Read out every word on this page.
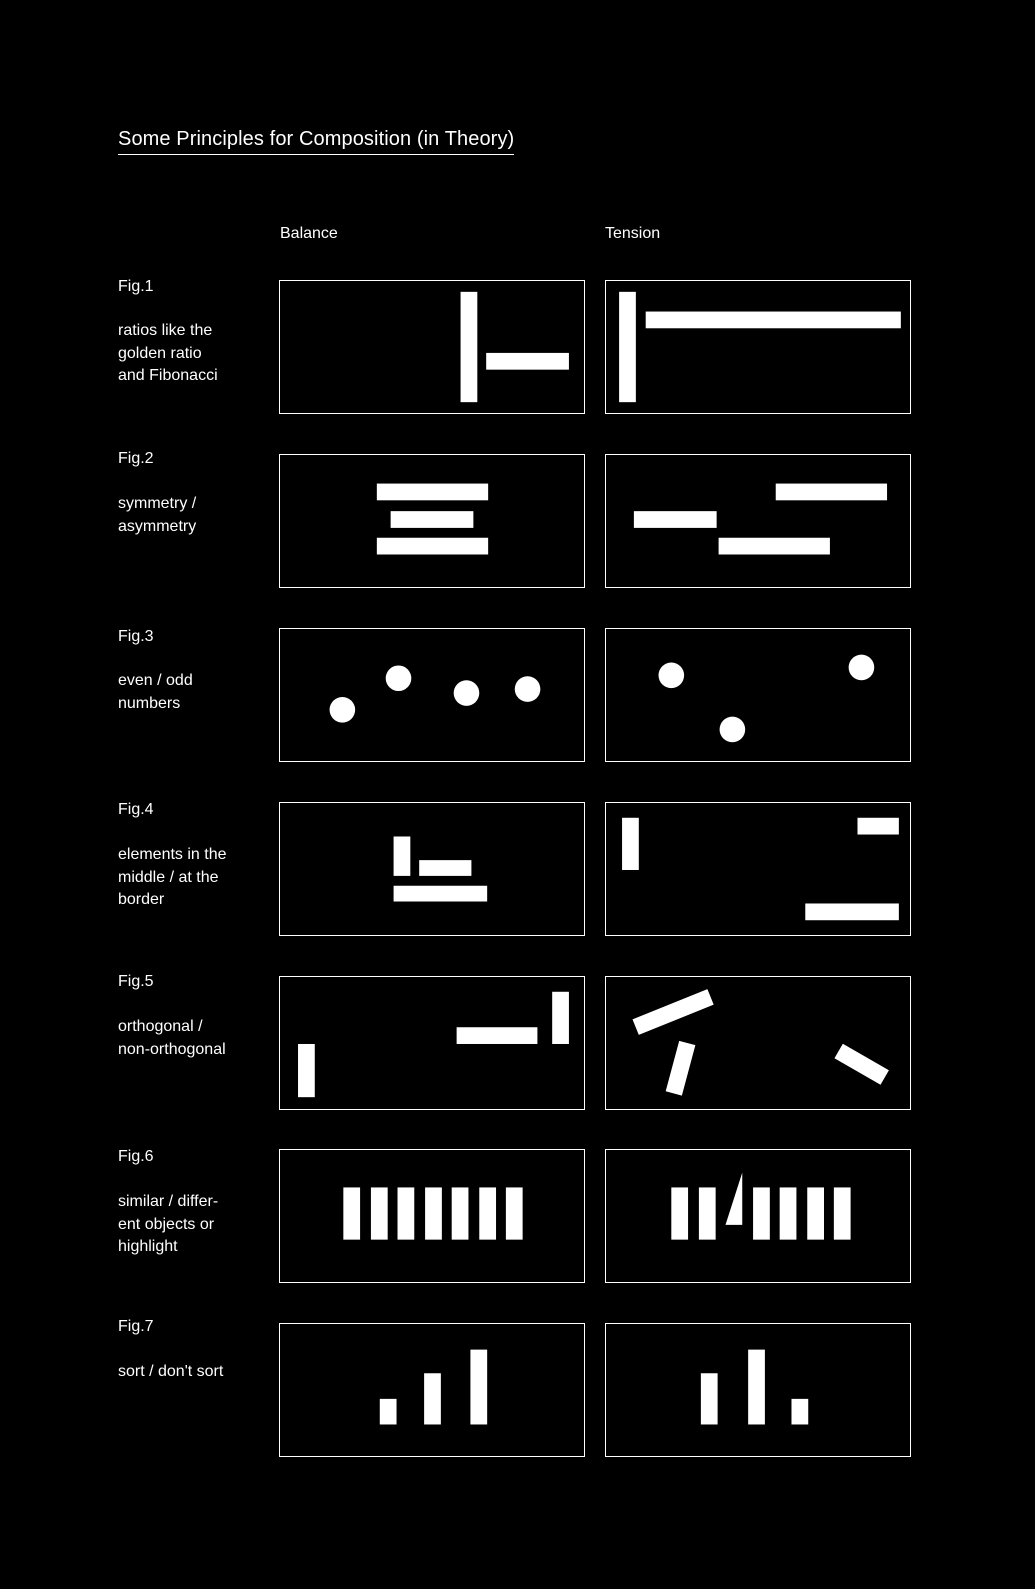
Some Principles for Composition (in Theory)
Balance	Tension
Fig.1
ratios like the
golden ratio
and Fibonacci
Fig.2
symmetry /
asymmetry
Fig.3
even / odd
numbers
Fig.4
elements in the
middle / at the
border
Fig.5
orthogonal /
non-orthogonal
Fig.6
similar / differ-
ent objects or
highlight
Fig.7
sort / don't sort
